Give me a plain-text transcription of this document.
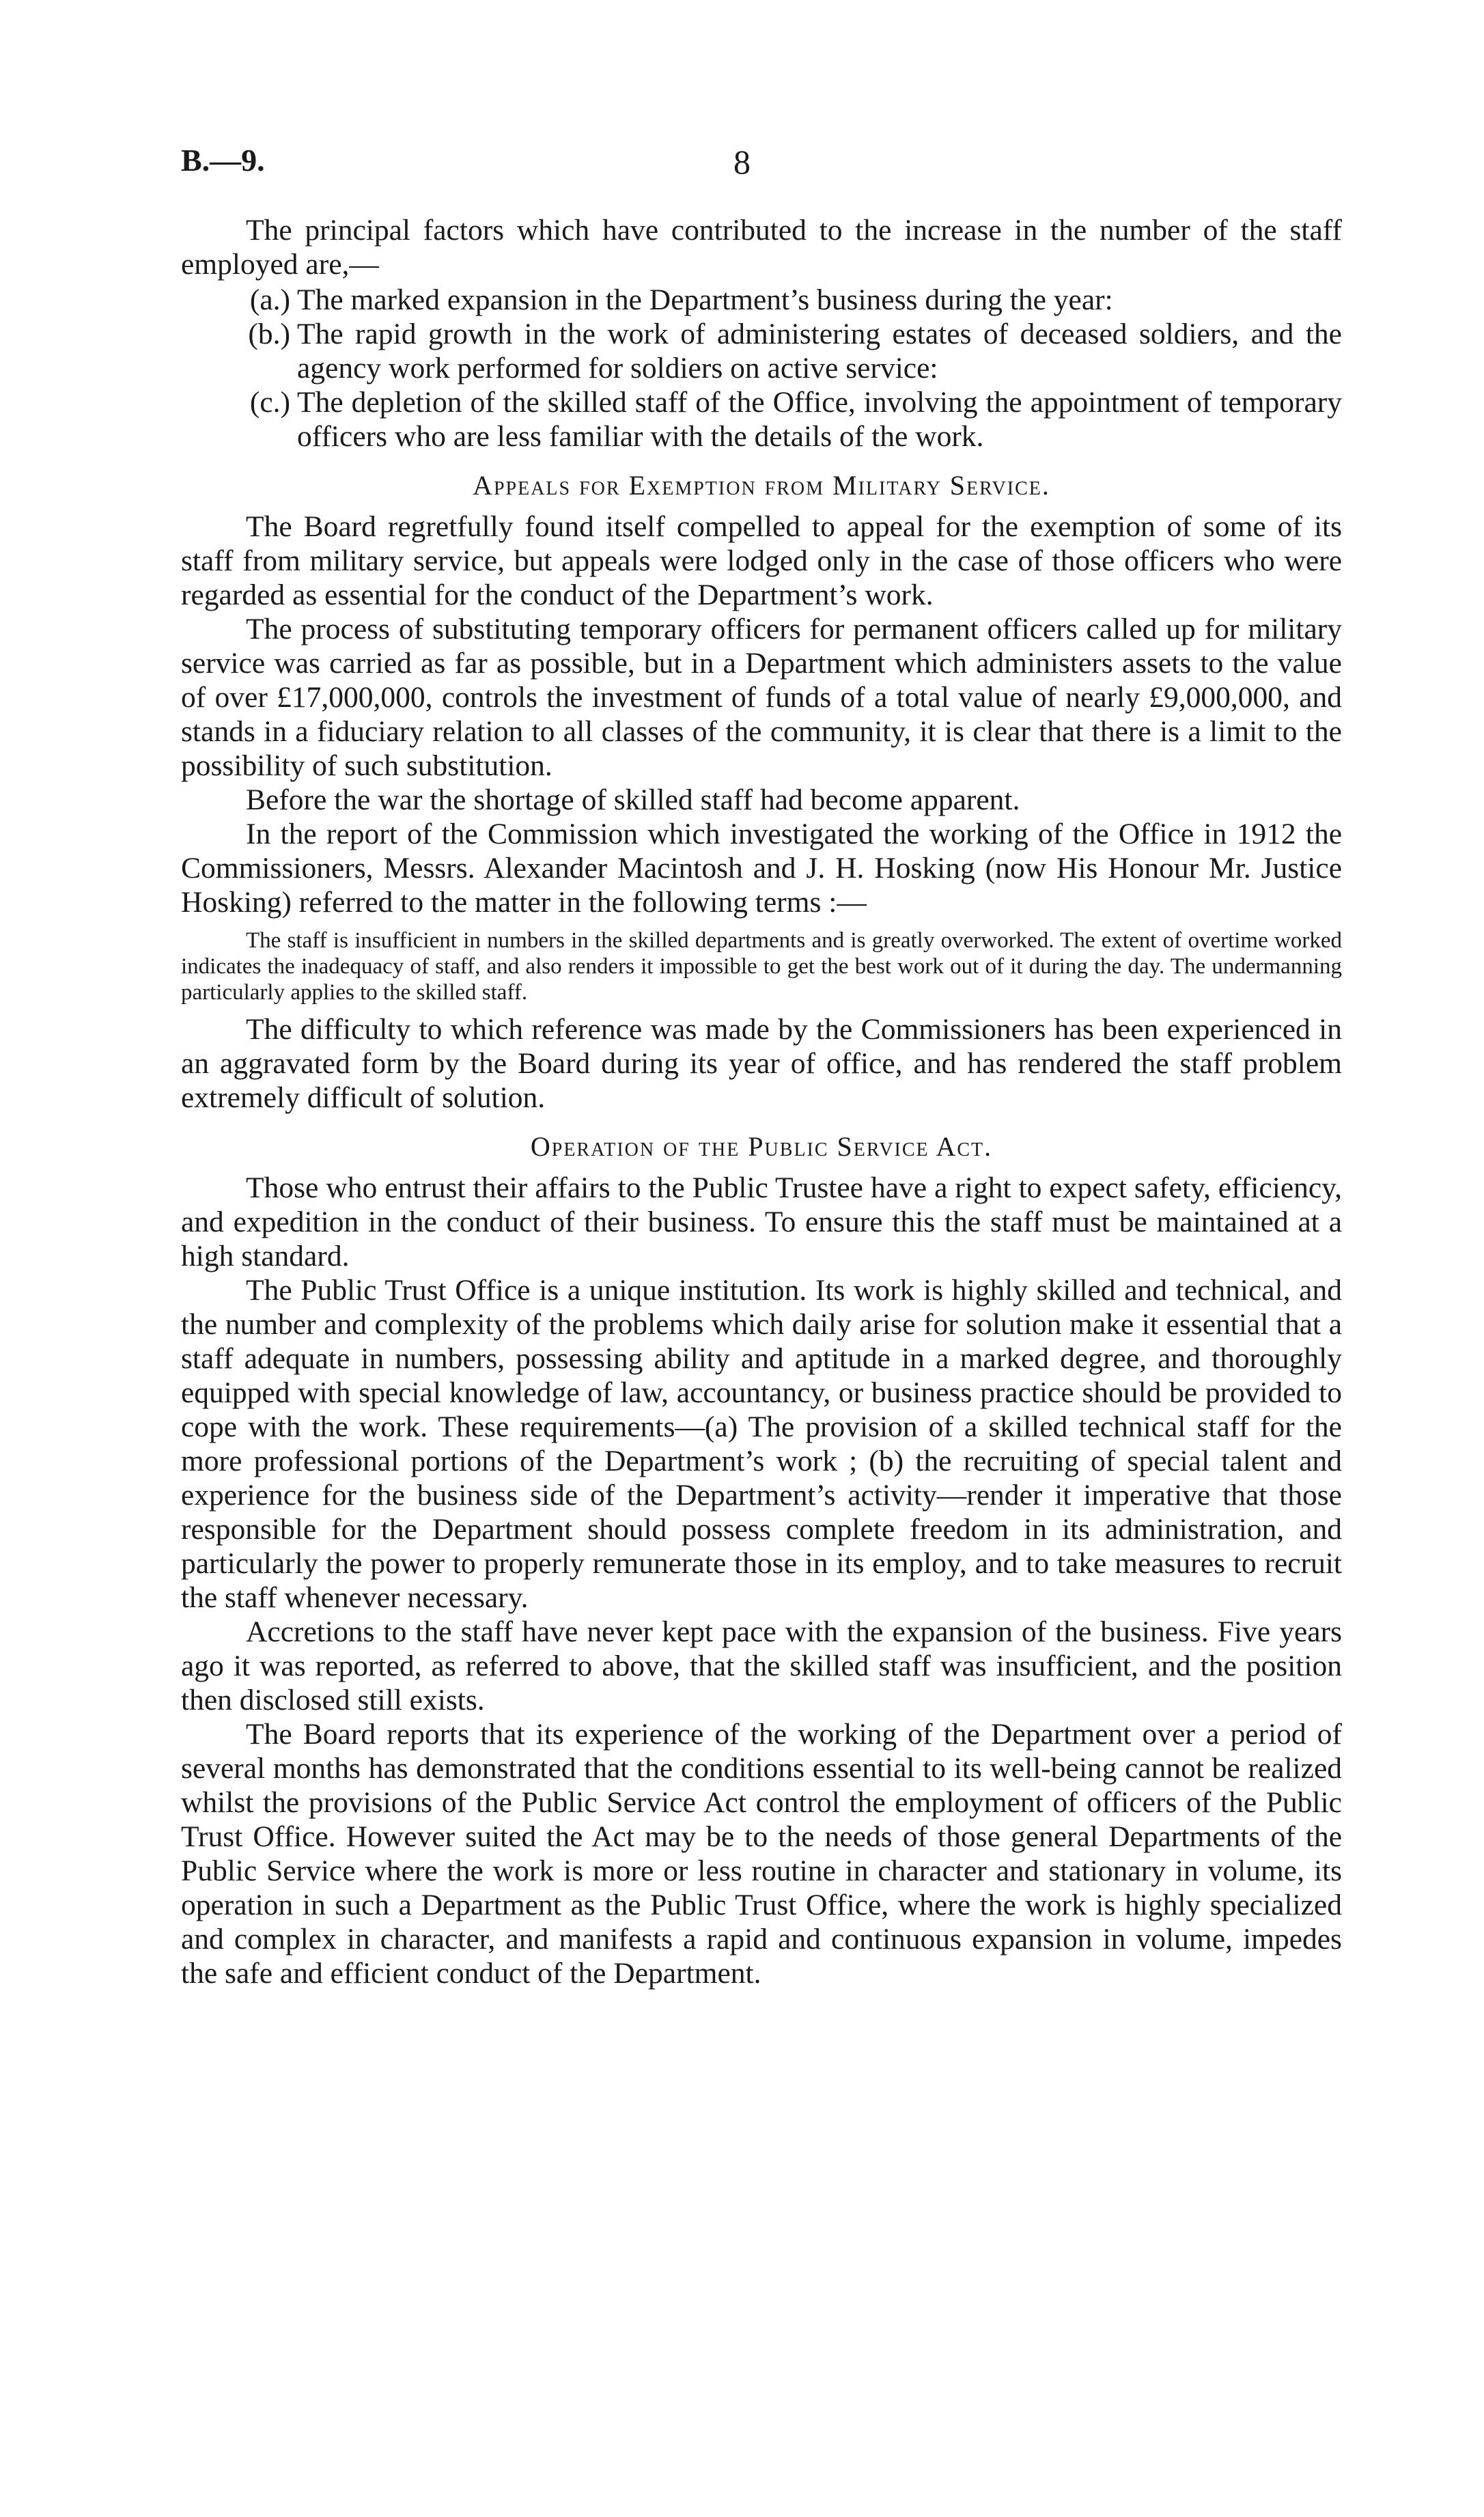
B.—9.	8

The principal factors which have contributed to the increase in the number of the staff employed are,—

(a.) The marked expansion in the Department’s business during the year:
(b.) The rapid growth in the work of administering estates of deceased soldiers, and the agency work performed for soldiers on active service:
(c.) The depletion of the skilled staff of the Office, involving the appointment of temporary officers who are less familiar with the details of the work.
Appeals for Exemption from Military Service.

The Board regretfully found itself compelled to appeal for the exemption of some of its staff from military service, but appeals were lodged only in the case of those officers who were regarded as essential for the conduct of the Department’s work.

The process of substituting temporary officers for permanent officers called up for military service was carried as far as possible, but in a Department which administers assets to the value of over £17,000,000, controls the investment of funds of a total value of nearly £9,000,000, and stands in a fiduciary relation to all classes of the community, it is clear that there is a limit to the possibility of such substitution.

Before the war the shortage of skilled staff had become apparent.

In the report of the Commission which investigated the working of the Office in 1912 the Commissioners, Messrs. Alexander Macintosh and J. H. Hosking (now His Honour Mr. Justice Hosking) referred to the matter in the following terms :—

The staff is insufficient in numbers in the skilled departments and is greatly overworked. The extent of overtime worked indicates the inadequacy of staff, and also renders it impossible to get the best work out of it during the day. The undermanning particularly applies to the skilled staff.

The difficulty to which reference was made by the Commissioners has been experienced in an aggravated form by the Board during its year of office, and has rendered the staff problem extremely difficult of solution.

Operation of the Public Service Act.

Those who entrust their affairs to the Public Trustee have a right to expect safety, efficiency, and expedition in the conduct of their business. To ensure this the staff must be maintained at a high standard.

The Public Trust Office is a unique institution. Its work is highly skilled and technical, and the number and complexity of the problems which daily arise for solution make it essential that a staff adequate in numbers, possessing ability and aptitude in a marked degree, and thoroughly equipped with special knowledge of law, accountancy, or business practice should be provided to cope with the work. These requirements—(a) The provision of a skilled technical staff for the more professional portions of the Department’s work ; (b) the recruiting of special talent and experience for the business side of the Department’s activity—render it imperative that those responsible for the Department should possess complete freedom in its administration, and particularly the power to properly remunerate those in its employ, and to take measures to recruit the staff whenever necessary.

Accretions to the staff have never kept pace with the expansion of the business. Five years ago it was reported, as referred to above, that the skilled staff was insufficient, and the position then disclosed still exists.

The Board reports that its experience of the working of the Department over a period of several months has demonstrated that the conditions essential to its well-being cannot be realized whilst the provisions of the Public Service Act control the employment of officers of the Public Trust Office. However suited the Act may be to the needs of those general Departments of the Public Service where the work is more or less routine in character and stationary in volume, its operation in such a Department as the Public Trust Office, where the work is highly specialized and complex in character, and manifests a rapid and continuous expansion in volume, impedes the safe and efficient conduct of the Department.
